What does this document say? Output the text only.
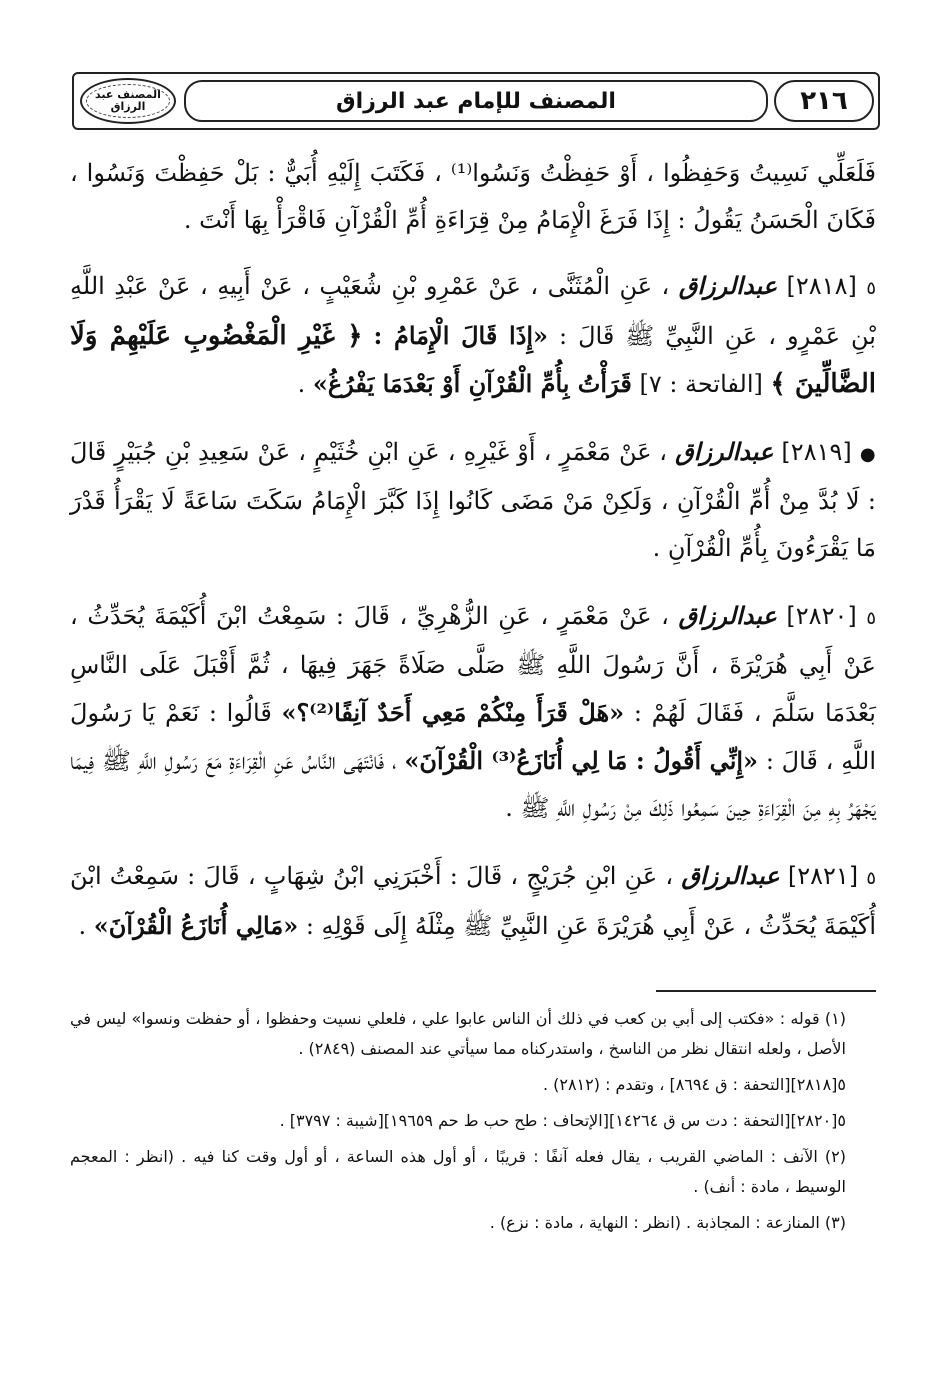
٢١٦
المصنف للإمام عبد الرزاق
المصنف عبد الرزاق

فَلَعَلِّي نَسِيتُ وَحَفِظُوا ، أَوْ حَفِظْتُ وَنَسُوا⁽¹⁾ ، فَكَتَبَ إِلَيْهِ أُبَيٌّ : بَلْ حَفِظْتَ وَنَسُوا ، فَكَانَ الْحَسَنُ يَقُولُ : إِذَا فَرَغَ الْإِمَامُ مِنْ قِرَاءَةِ أُمِّ الْقُرْآنِ فَاقْرَأْ بِهَا أَنْتَ .

٥ [٢٨١٨] عبدالرزاق ، عَنِ الْمُثَنَّى ، عَنْ عَمْرِو بْنِ شُعَيْبٍ ، عَنْ أَبِيهِ ، عَنْ عَبْدِ اللَّهِ بْنِ عَمْرٍو ، عَنِ النَّبِيِّ ﷺ قَالَ : «إِذَا قَالَ الْإِمَامُ : ﴿ غَيْرِ الْمَغْضُوبِ عَلَيْهِمْ وَلَا الضَّالِّينَ ﴾ [الفاتحة : ٧] قَرَأْتُ بِأُمِّ الْقُرْآنِ أَوْ بَعْدَمَا يَفْرُغُ» .

● [٢٨١٩] عبدالرزاق ، عَنْ مَعْمَرٍ ، أَوْ غَيْرِهِ ، عَنِ ابْنِ خُثَيْمٍ ، عَنْ سَعِيدِ بْنِ جُبَيْرٍ قَالَ : لَا بُدَّ مِنْ أُمِّ الْقُرْآنِ ، وَلَكِنْ مَنْ مَضَى كَانُوا إِذَا كَبَّرَ الْإِمَامُ سَكَتَ سَاعَةً لَا يَقْرَأُ قَدْرَ مَا يَقْرَءُونَ بِأُمِّ الْقُرْآنِ .

٥ [٢٨٢٠] عبدالرزاق ، عَنْ مَعْمَرٍ ، عَنِ الزُّهْرِيِّ ، قَالَ : سَمِعْتُ ابْنَ أُكَيْمَةَ يُحَدِّثُ ، عَنْ أَبِي هُرَيْرَةَ ، أَنَّ رَسُولَ اللَّهِ ﷺ صَلَّى صَلَاةً جَهَرَ فِيهَا ، ثُمَّ أَقْبَلَ عَلَى النَّاسِ بَعْدَمَا سَلَّمَ ، فَقَالَ لَهُمْ : «هَلْ قَرَأَ مِنْكُمْ مَعِي أَحَدٌ آنِفًا⁽²⁾؟» قَالُوا : نَعَمْ يَا رَسُولَ اللَّهِ ، قَالَ : «إِنِّي أَقُولُ : مَا لِي أُنَازَعُ⁽³⁾ الْقُرْآنَ» ، فَانْتَهَى النَّاسُ عَنِ الْقِرَاءَةِ مَعَ رَسُولِ اللَّهِ ﷺ فِيمَا يَجْهَرُ بِهِ مِنَ الْقِرَاءَةِ حِينَ سَمِعُوا ذَلِكَ مِنْ رَسُولِ اللَّهِ ﷺ .

٥ [٢٨٢١] عبدالرزاق ، عَنِ ابْنِ جُرَيْجٍ ، قَالَ : أَخْبَرَنِي ابْنُ شِهَابٍ ، قَالَ : سَمِعْتُ ابْنَ أُكَيْمَةَ يُحَدِّثُ ، عَنْ أَبِي هُرَيْرَةَ عَنِ النَّبِيِّ ﷺ مِثْلَهُ إِلَى قَوْلِهِ : «مَالِي أُنَازَعُ الْقُرْآنَ» .

(١) قوله : «فكتب إلى أبي بن كعب في ذلك أن الناس عابوا علي ، فلعلي نسيت وحفظوا ، أو حفظت ونسوا» ليس في الأصل ، ولعله انتقال نظر من الناسخ ، واستدركناه مما سيأتي عند المصنف (٢٨٤٩) .

٥[٢٨١٨][التحفة : ق ٨٦٩٤] ، وتقدم : (٢٨١٢) .

٥[٢٨٢٠][التحفة : دت س ق ١٤٢٦٤][الإتحاف : طح حب ط حم ١٩٦٥٩][شيبة : ٣٧٩٧] .

(٢) الآنف : الماضي القريب ، يقال فعله آنفًا : قريبًا ، أو أول هذه الساعة ، أو أول وقت كنا فيه . (انظر : المعجم الوسيط ، مادة : أنف) .

(٣) المنازعة : المجاذبة . (انظر : النهاية ، مادة : نزع) .
